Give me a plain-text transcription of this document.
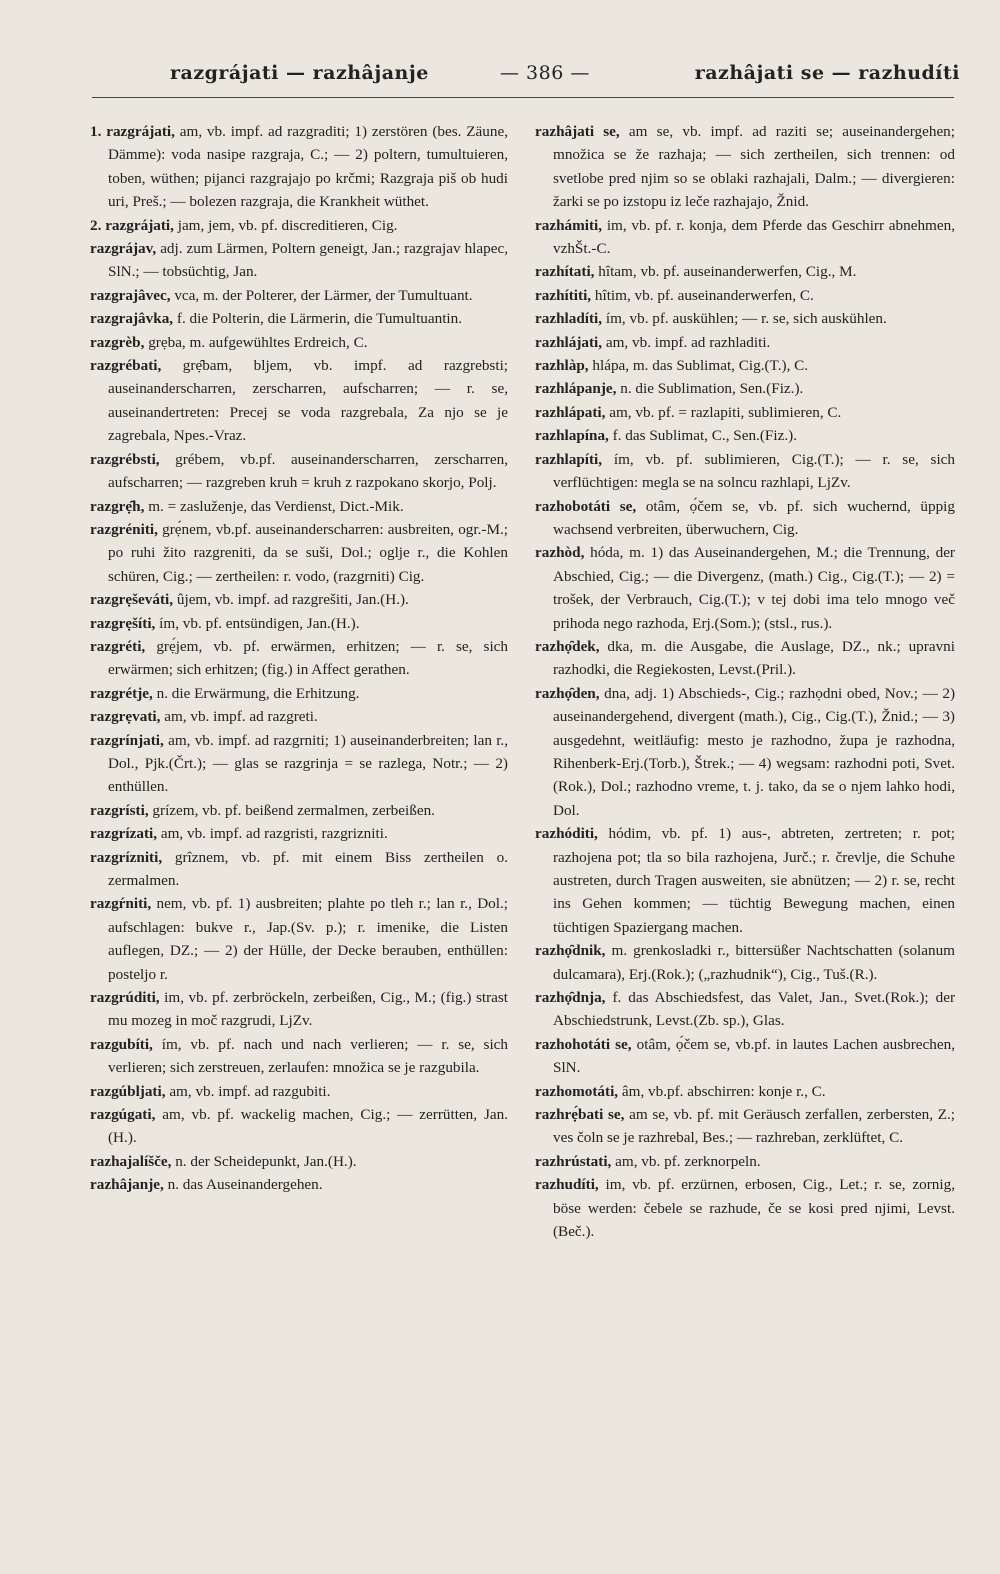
razgrájati — razhâjanje	— 386 —	razhâjati se — razhudíti

1. razgrájati, am, vb. impf. ad razgraditi; 1) zerstören (bes. Zäune, Dämme): voda nasipe razgraja, C.; — 2) poltern, tumultuieren, toben, wüthen; pijanci razgrajajo po krčmi; Razgraja piš ob hudi uri, Preš.; — bolezen razgraja, die Krankheit wüthet.

2. razgrájati, jam, jem, vb. pf. discreditieren, Cig.

razgrájav, adj. zum Lärmen, Poltern geneigt, Jan.; razgrajav hlapec, SlN.; — tobsüchtig, Jan.

razgrajâvec, vca, m. der Polterer, der Lärmer, der Tumultuant.

razgrajâvka, f. die Polterin, die Lärmerin, die Tumultuantin.

razgrèb, grẹba, m. aufgewühltes Erdreich, C.

razgrébati, grẹ̑bam, bljem, vb. impf. ad razgrebsti; auseinanderscharren, zerscharren, aufscharren; — r. se, auseinandertreten: Precej se voda razgrebala, Za njo se je zagrebala, Npes.-Vraz.

razgrébsti, grébem, vb.pf. auseinanderscharren, zerscharren, aufscharren; — razgreben kruh = kruh z razpokano skorjo, Polj.

razgrẹ̑h, m. = zasluženje, das Verdienst, Dict.-Mik.

razgréniti, grẹ́nem, vb.pf. auseinanderscharren: ausbreiten, ogr.-M.; po ruhi žito razgreniti, da se suši, Dol.; oglje r., die Kohlen schüren, Cig.; — zertheilen: r. vodo, (razgrniti) Cig.

razgrẹševáti, ûjem, vb. impf. ad razgrešiti, Jan.(H.).

razgrẹšíti, ím, vb. pf. entsündigen, Jan.(H.).

razgréti, grẹ́jem, vb. pf. erwärmen, erhitzen; — r. se, sich erwärmen; sich erhitzen; (fig.) in Affect gerathen.

razgrétje, n. die Erwärmung, die Erhitzung.

razgrẹvati, am, vb. impf. ad razgreti.

razgrínjati, am, vb. impf. ad razgrniti; 1) auseinanderbreiten; lan r., Dol., Pjk.(Črt.); — glas se razgrinja = se razlega, Notr.; — 2) enthüllen.

razgrísti, grízem, vb. pf. beißend zermalmen, zerbeißen.

razgrízati, am, vb. impf. ad razgristi, razgrizniti.

razgrízniti, grîznem, vb. pf. mit einem Biss zertheilen o. zermalmen.

razgŕniti, nem, vb. pf. 1) ausbreiten; plahte po tleh r.; lan r., Dol.; aufschlagen: bukve r., Jap.(Sv. p.); r. imenike, die Listen auflegen, DZ.; — 2) der Hülle, der Decke berauben, enthüllen: posteljo r.

razgrúditi, im, vb. pf. zerbröckeln, zerbeißen, Cig., M.; (fig.) strast mu mozeg in moč razgrudi, LjZv.

razgubíti, ím, vb. pf. nach und nach verlieren; — r. se, sich verlieren; sich zerstreuen, zerlaufen: množica se je razgubila.

razgúbljati, am, vb. impf. ad razgubiti.

razgúgati, am, vb. pf. wackelig machen, Cig.; — zerrütten, Jan.(H.).

razhajalíšče, n. der Scheidepunkt, Jan.(H.).

razhâjanje, n. das Auseinandergehen.

razhâjati se, am se, vb. impf. ad raziti se; auseinandergehen; množica se že razhaja; — sich zertheilen, sich trennen: od svetlobe pred njim so se oblaki razhajali, Dalm.; — divergieren: žarki se po izstopu iz leče razhajajo, Žnid.

razhámiti, im, vb. pf. r. konja, dem Pferde das Geschirr abnehmen, vzhŠt.-C.

razhítati, hîtam, vb. pf. auseinanderwerfen, Cig., M.

razhítiti, hîtim, vb. pf. auseinanderwerfen, C.

razhladíti, ím, vb. pf. auskühlen; — r. se, sich auskühlen.

razhlájati, am, vb. impf. ad razhladiti.

razhlàp, hlápa, m. das Sublimat, Cig.(T.), C.

razhlápanje, n. die Sublimation, Sen.(Fiz.).

razhlápati, am, vb. pf. = razlapiti, sublimieren, C.

razhlapína, f. das Sublimat, C., Sen.(Fiz.).

razhlapíti, ím, vb. pf. sublimieren, Cig.(T.); — r. se, sich verflüchtigen: megla se na solncu razhlapi, LjZv.

razhobotáti se, otâm, ọ́čem se, vb. pf. sich wuchernd, üppig wachsend verbreiten, überwuchern, Cig.

razhòd, hóda, m. 1) das Auseinandergehen, M.; die Trennung, der Abschied, Cig.; — die Divergenz, (math.) Cig., Cig.(T.); — 2) = trošek, der Verbrauch, Cig.(T.); v tej dobi ima telo mnogo več prihoda nego razhoda, Erj.(Som.); (stsl., rus.).

razhọ̑dek, dka, m. die Ausgabe, die Auslage, DZ., nk.; upravni razhodki, die Regiekosten, Levst.(Pril.).

razhọ̑den, dna, adj. 1) Abschieds-, Cig.; razhọdni obed, Nov.; — 2) auseinandergehend, divergent (math.), Cig., Cig.(T.), Žnid.; — 3) ausgedehnt, weitläufig: mesto je razhodno, župa je razhodna, Rihenberk-Erj.(Torb.), Štrek.; — 4) wegsam: razhodni poti, Svet.(Rok.), Dol.; razhodno vreme, t. j. tako, da se o njem lahko hodi, Dol.

razhóditi, hódim, vb. pf. 1) aus-, abtreten, zertreten; r. pot; razhojena pot; tla so bila razhojena, Jurč.; r. črevlje, die Schuhe austreten, durch Tragen ausweiten, sie abnützen; — 2) r. se, recht ins Gehen kommen; — tüchtig Bewegung machen, einen tüchtigen Spaziergang machen.

razhọ̑dnik, m. grenkosladki r., bittersüßer Nachtschatten (solanum dulcamara), Erj.(Rok.); („razhudnik“), Cig., Tuš.(R.).

razhọ̑dnja, f. das Abschiedsfest, das Valet, Jan., Svet.(Rok.); der Abschiedstrunk, Levst.(Zb. sp.), Glas.

razhohotáti se, otâm, ọ́čem se, vb.pf. in lautes Lachen ausbrechen, SlN.

razhomotáti, âm, vb.pf. abschirren: konje r., C.

razhrẹ́bati se, am se, vb. pf. mit Geräusch zerfallen, zerbersten, Z.; ves čoln se je razhrebal, Bes.; — razhreban, zerklüftet, C.

razhrústati, am, vb. pf. zerknorpeln.

razhudíti, im, vb. pf. erzürnen, erbosen, Cig., Let.; r. se, zornig, böse werden: čebele se razhude, če se kosi pred njimi, Levst.(Beč.).
